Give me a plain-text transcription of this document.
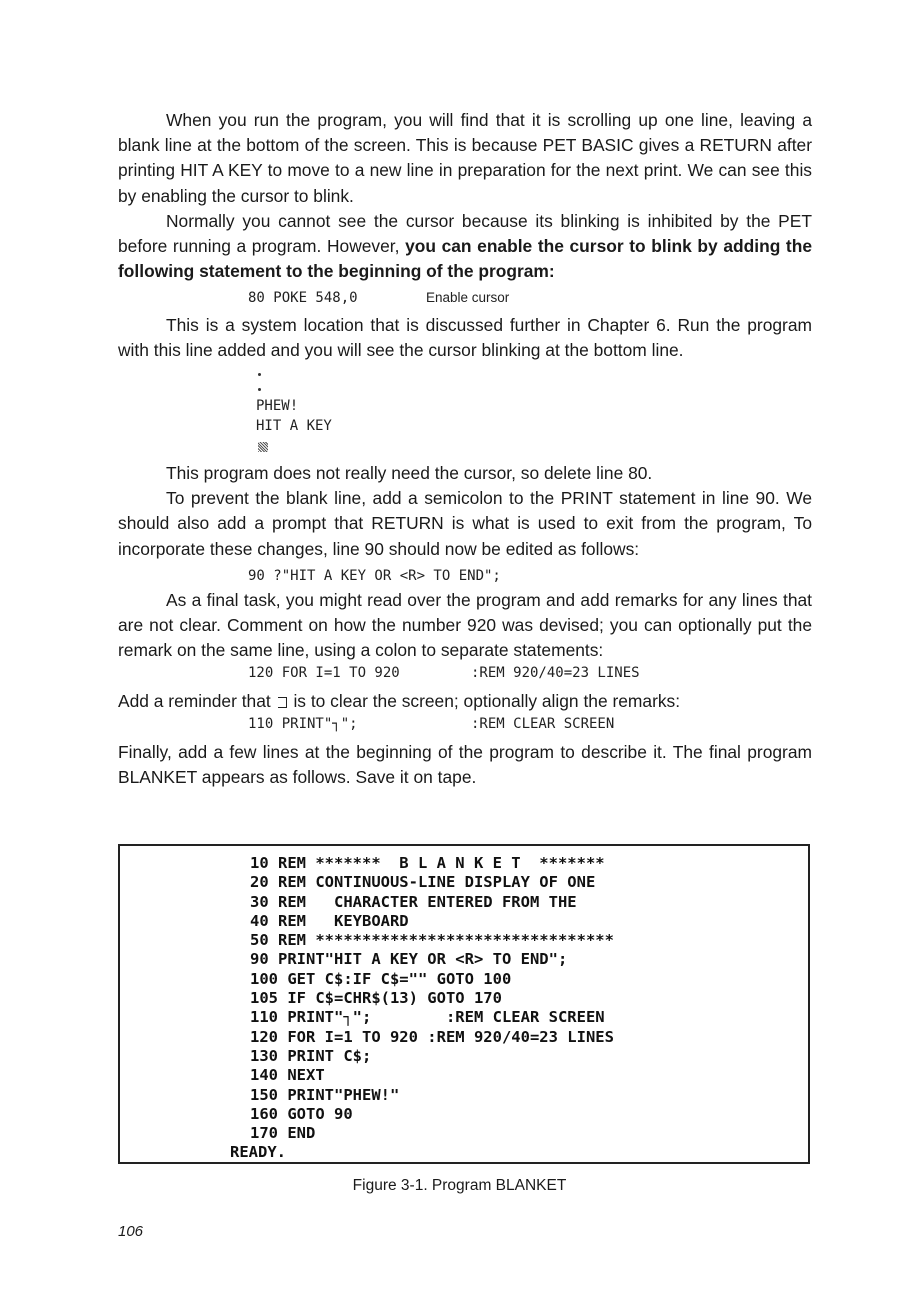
When you run the program, you will find that it is scrolling up one line, leaving a blank line at the bottom of the screen. This is because PET BASIC gives a RETURN after printing HIT A KEY to move to a new line in preparation for the next print. We can see this by enabling the cursor to blink.

Normally you cannot see the cursor because its blinking is inhibited by the PET before running a program. However, you can enable the cursor to blink by adding the following statement to the beginning of the program:

80 POKE 548,0	Enable cursor

This is a system location that is discussed further in Chapter 6. Run the program with this line added and you will see the cursor blinking at the bottom line.

PHEW!
HIT A KEY

This program does not really need the cursor, so delete line 80.

To prevent the blank line, add a semicolon to the PRINT statement in line 90. We should also add a prompt that RETURN is what is used to exit from the program, To incorporate these changes, line 90 should now be edited as follows:

90 ?"HIT A KEY OR <R> TO END";

As a final task, you might read over the program and add remarks for any lines that are not clear. Comment on how the number 920 was devised; you can optionally put the remark on the same line, using a colon to separate statements:

120 FOR I=1 TO 920	:REM 920/40=23 LINES

Add a reminder that is to clear the screen; optionally align the remarks:

110 PRINT"┐";	:REM CLEAR SCREEN

Finally, add a few lines at the beginning of the program to describe it. The final program BLANKET appears as follows. Save it on tape.

10 REM *******  B L A N K E T  *******
20 REM CONTINUOUS-LINE DISPLAY OF ONE
30 REM   CHARACTER ENTERED FROM THE
40 REM   KEYBOARD
50 REM ********************************
90 PRINT"HIT A KEY OR <R> TO END";
100 GET C$:IF C$="" GOTO 100
105 IF C$=CHR$(13) GOTO 170
110 PRINT"┐";        :REM CLEAR SCREEN
120 FOR I=1 TO 920 :REM 920/40=23 LINES
130 PRINT C$;
140 NEXT
150 PRINT"PHEW!"
160 GOTO 90
170 END
READY.
Figure 3-1. Program BLANKET
106
